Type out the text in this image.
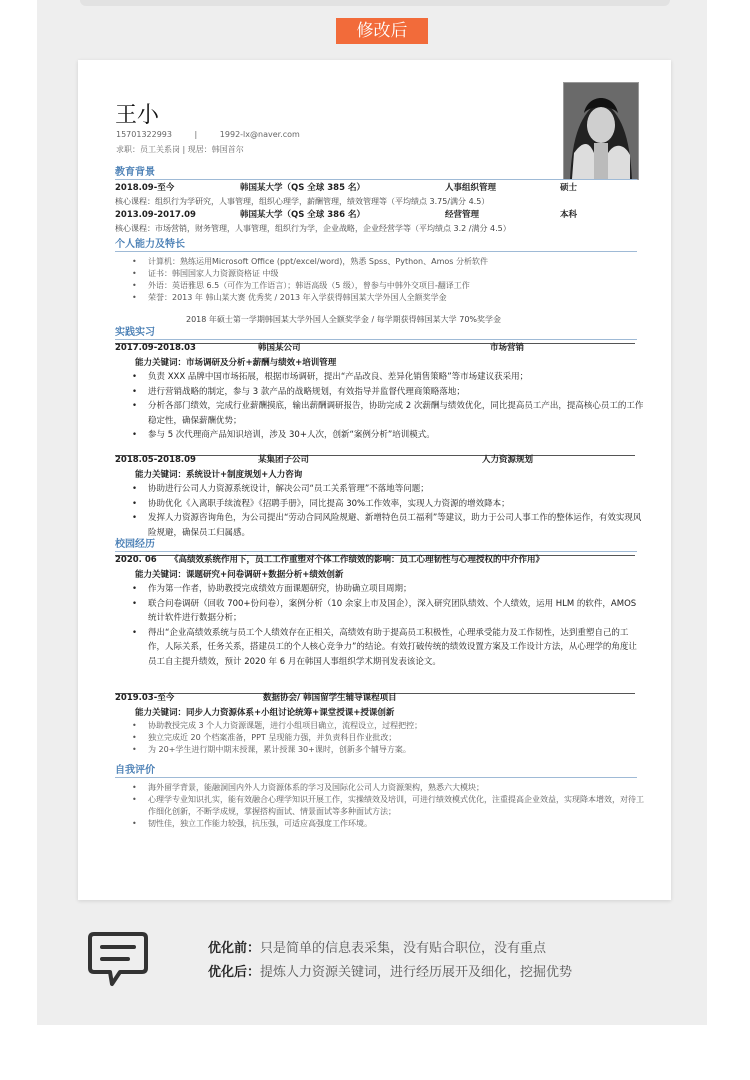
修改后
王小
15701322993	|	1992-lx@naver.com
求职：员工关系岗 | 现居：韩国首尔
教育背景
2018.09-至今	韩国某大学（QS 全球 385 名）	人事组织管理	硕士
核心课程：组织行为学研究，人事管理，组织心理学，薪酬管理，绩效管理等（平均绩点 3.75/满分 4.5）
2013.09-2017.09	韩国某大学（QS 全球 386 名）	经营管理	本科
核心课程：市场营销，财务管理，人事管理，组织行为学，企业战略，企业经营学等（平均绩点 3.2 /满分 4.5）
个人能力及特长
• 计算机：熟练运用Microsoft Office (ppt/excel/word)，熟悉 Spss、Python、Amos 分析软件
• 证书：韩国国家人力资源资格证 中级
• 外语：英语雅思 6.5（可作为工作语言）；韩语高级（5 级），曾参与中韩外交项目-翻译工作
• 荣誉：2013 年 韩山某大赛 优秀奖 / 2013 年入学获得韩国某大学外国人全额奖学金
2018 年硕士第一学期韩国某大学外国人全额奖学金 / 每学期获得韩国某大学 70%奖学金
实践实习
2017.09-2018.03	韩国某公司	市场营销
能力关键词：市场调研及分析+薪酬与绩效+培训管理
• 负责 XXX 品牌中国市场拓展，根据市场调研，提出“产品改良、差异化销售策略”等市场建议获采用；
• 进行营销战略的制定，参与 3 款产品的战略规划，有效指导并监督代理商策略落地；
• 分析各部门绩效，完成行业薪酬摸底，输出薪酬调研报告，协助完成 2 次薪酬与绩效优化，同比提高员工产出，提高核心员工的工作稳定性，确保薪酬优势；
• 参与 5 次代理商产品知识培训，涉及 30+人次，创新“案例分析”培训模式。
2018.05-2018.09	某集团子公司	人力资源规划
能力关键词：系统设计+制度规划+人力咨询
• 协助进行公司人力资源系统设计，解决公司“员工关系管理”不落地等问题；
• 协助优化《入离职手续流程》《招聘手册》，同比提高 30%工作效率，实现人力资源的增效降本；
• 发挥人力资源咨询角色，为公司提出“劳动合同风险规避、新增特色员工福利”等建议，助力于公司人事工作的整体运作，有效实现风险规避，确保员工归属感。
校园经历
2020. 06 《高绩效系统作用下，员工工作重塑对个体工作绩效的影响：员工心理韧性与心理授权的中介作用》
能力关键词：课题研究+问卷调研+数据分析+绩效创新
• 作为第一作者，协助教授完成绩效方面课题研究，协助确立项目周期；
• 联合问卷调研（回收 700+份问卷），案例分析（10 余家上市及国企），深入研究团队绩效、个人绩效，运用 HLM 的软件，AMOS 统计软件进行数据分析；
• 得出“企业高绩效系统与员工个人绩效存在正相关，高绩效有助于提高员工积极性，心理承受能力及工作韧性，达到重塑自己的工作，人际关系，任务关系，搭建员工的个人核心竞争力”的结论。有效打破传统的绩效设置方案及工作设计方法，从心理学的角度让员工自主提升绩效，预计 2020 年 6 月在韩国人事组织学术期刊发表该论文。
2019.03-至今	数据协会/ 韩国留学生辅导课程项目
能力关键词：同步人力资源体系+小组讨论统筹+课堂授课+授课创新
• 协助教授完成 3 个人力资源课题，进行小组项目确立，流程设立，过程把控；
• 独立完成近 20 个档案准备，PPT 呈现能力强，并负责科目作业批改；
• 为 20+学生进行期中期末授课，累计授课 30+课时，创新多个辅导方案。
自我评价
• 海外留学背景，能融洞国内外人力资源体系的学习及国际化公司人力资源架构，熟悉六大模块；
• 心理学专业知识扎实，能有效融合心理学知识开展工作，实操绩效及培训，可进行绩效模式优化，注重提高企业效益，实现降本增效，对待工作细化创新，不断学成规，掌握搭构面试、情景面试等多种面试方法；
• 韧性佳，独立工作能力较强，抗压强，可适应高强度工作环境。
优化前：只是简单的信息表采集，没有贴合职位，没有重点
优化后：提炼人力资源关键词，进行经历展开及细化，挖掘优势
